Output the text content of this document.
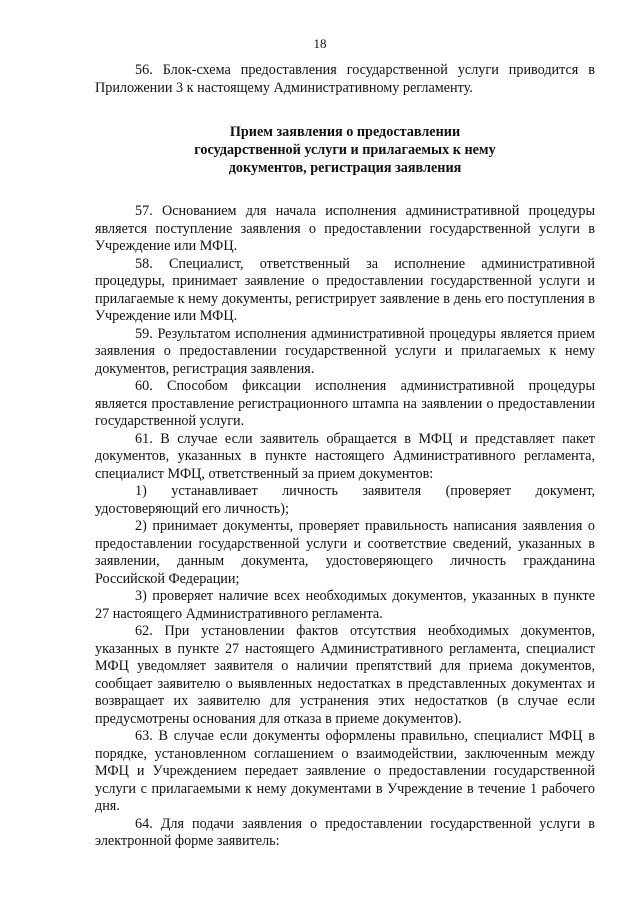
18

56. Блок-схема предоставления государственной услуги приводится в Приложении 3 к настоящему Административному регламенту.

Прием заявления о предоставлении
государственной услуги и прилагаемых к нему
документов, регистрация заявления

57. Основанием для начала исполнения административной процедуры является поступление заявления о предоставлении государственной услуги в Учреждение или МФЦ.

58. Специалист, ответственный за исполнение административной процедуры, принимает заявление о предоставлении государственной услуги и прилагаемые к нему документы, регистрирует заявление в день его поступления в Учреждение или МФЦ.

59. Результатом исполнения административной процедуры является прием заявления о предоставлении государственной услуги и прилагаемых к нему документов, регистрация заявления.

60. Способом фиксации исполнения административной процедуры является проставление регистрационного штампа на заявлении о предоставлении государственной услуги.

61. В случае если заявитель обращается в МФЦ и представляет пакет документов, указанных в пункте настоящего Административного регламента, специалист МФЦ, ответственный за прием документов:

1) устанавливает личность заявителя (проверяет документ, удостоверяющий его личность);

2) принимает документы, проверяет правильность написания заявления о предоставлении государственной услуги и соответствие сведений, указанных в заявлении, данным документа, удостоверяющего личность гражданина Российской Федерации;

3) проверяет наличие всех необходимых документов, указанных в пункте 27 настоящего Административного регламента.

62. При установлении фактов отсутствия необходимых документов, указанных в пункте 27 настоящего Административного регламента, специалист МФЦ уведомляет заявителя о наличии препятствий для приема документов, сообщает заявителю о выявленных недостатках в представленных документах и возвращает их заявителю для устранения этих недостатков (в случае если предусмотрены основания для отказа в приеме документов).

63. В случае если документы оформлены правильно, специалист МФЦ в порядке, установленном соглашением о взаимодействии, заключенным между МФЦ и Учреждением передает заявление о предоставлении государственной услуги с прилагаемыми к нему документами в Учреждение в течение 1 рабочего дня.

64. Для подачи заявления о предоставлении государственной услуги в электронной форме заявитель:
